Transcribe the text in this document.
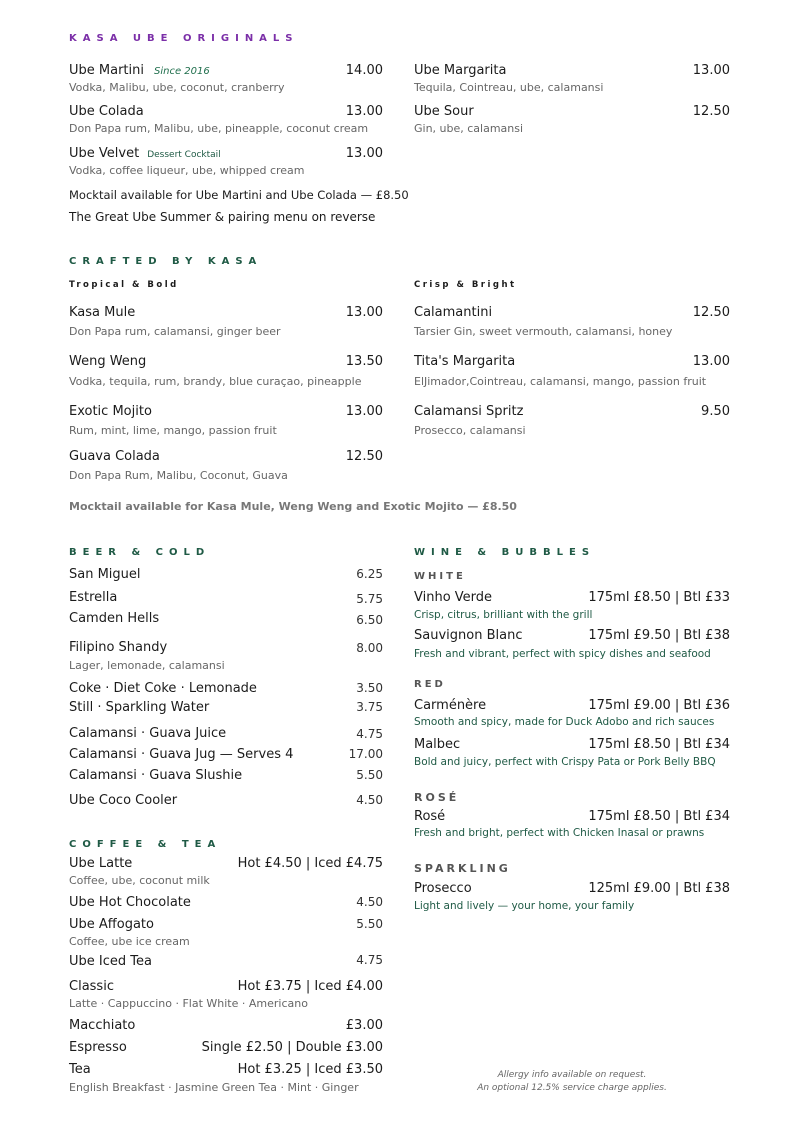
KASA UBE ORIGINALS
Ube Martini Since 2016	14.00
Vodka, Malibu, ube, coconut, cranberry
Ube Colada	13.00
Don Papa rum, Malibu, ube, pineapple, coconut cream
Ube Velvet Dessert Cocktail	13.00
Vodka, coffee liqueur, ube, whipped cream
Ube Margarita	13.00
Tequila, Cointreau, ube, calamansi
Ube Sour	12.50
Gin, ube, calamansi
Mocktail available for Ube Martini and Ube Colada — £8.50
The Great Ube Summer & pairing menu on reverse
CRAFTED BY KASA
Tropical & Bold	Crisp & Bright
Kasa Mule	13.00
Don Papa rum, calamansi, ginger beer
Weng Weng	13.50
Vodka, tequila, rum, brandy, blue curaçao, pineapple
Exotic Mojito	13.00
Rum, mint, lime, mango, passion fruit
Guava Colada	12.50
Don Papa Rum, Malibu, Coconut, Guava
Calamantini	12.50
Tarsier Gin, sweet vermouth, calamansi, honey
Tita's Margarita	13.00
ElJimador,Cointreau, calamansi, mango, passion fruit
Calamansi Spritz	9.50
Prosecco, calamansi
Mocktail available for Kasa Mule, Weng Weng and Exotic Mojito — £8.50
BEER & COLD
San Miguel	6.25
Estrella	5.75
Camden Hells	6.50
Filipino Shandy	8.00
Lager, lemonade, calamansi
Coke · Diet Coke · Lemonade	3.50
Still · Sparkling Water	3.75
Calamansi · Guava Juice	4.75
Calamansi · Guava Jug — Serves 4	17.00
Calamansi · Guava Slushie	5.50
Ube Coco Cooler	4.50
COFFEE & TEA
Ube Latte	Hot £4.50 | Iced £4.75
Coffee, ube, coconut milk
Ube Hot Chocolate	4.50
Ube Affogato	5.50
Coffee, ube ice cream
Ube Iced Tea	4.75
Classic	Hot £3.75 | Iced £4.00
Latte · Cappuccino · Flat White · Americano
Macchiato	£3.00
Espresso	Single £2.50 | Double £3.00
Tea	Hot £3.25 | Iced £3.50
English Breakfast · Jasmine Green Tea · Mint · Ginger
WINE & BUBBLES
WHITE
Vinho Verde	175ml £8.50 | Btl £33
Crisp, citrus, brilliant with the grill
Sauvignon Blanc	175ml £9.50 | Btl £38
Fresh and vibrant, perfect with spicy dishes and seafood
RED
Carménère	175ml £9.00 | Btl £36
Smooth and spicy, made for Duck Adobo and rich sauces
Malbec	175ml £8.50 | Btl £34
Bold and juicy, perfect with Crispy Pata or Pork Belly BBQ
ROSÉ
Rosé	175ml £8.50 | Btl £34
Fresh and bright, perfect with Chicken Inasal or prawns
SPARKLING
Prosecco	125ml £9.00 | Btl £38
Light and lively — your home, your family
Allergy info available on request.
An optional 12.5% service charge applies.
